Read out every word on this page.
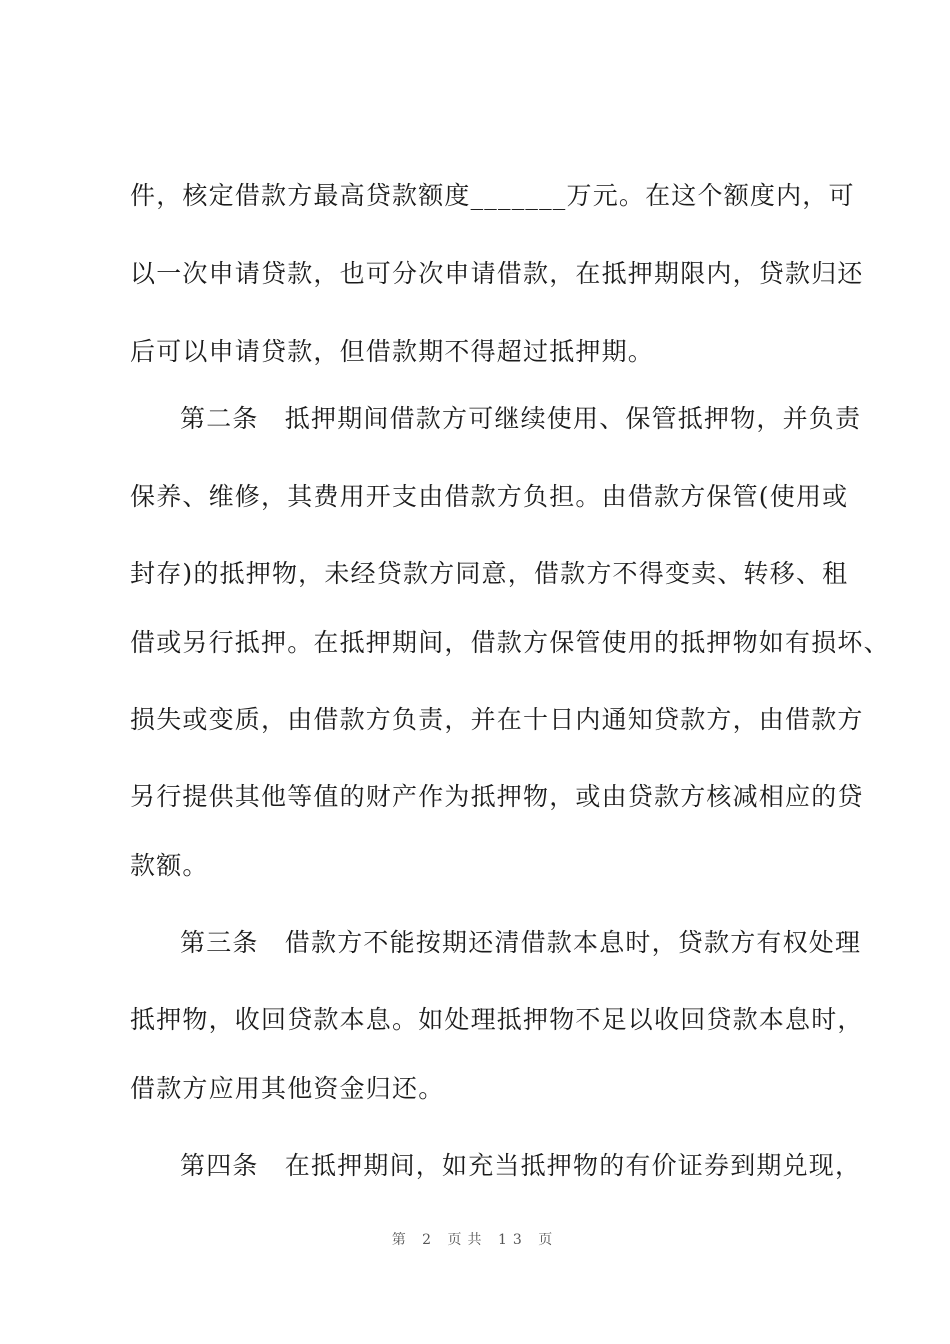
件，核定借款方最高贷款额度_______万元。在这个额度内，可
以一次申请贷款，也可分次申请借款，在抵押期限内，贷款归还
后可以申请贷款，但借款期不得超过抵押期。
第二条　抵押期间借款方可继续使用、保管抵押物，并负责
保养、维修，其费用开支由借款方负担。由借款方保管(使用或
封存)的抵押物，未经贷款方同意，借款方不得变卖、转移、租
借或另行抵押。在抵押期间，借款方保管使用的抵押物如有损坏、
损失或变质，由借款方负责，并在十日内通知贷款方，由借款方
另行提供其他等值的财产作为抵押物，或由贷款方核减相应的贷
款额。
第三条　借款方不能按期还清借款本息时，贷款方有权处理
抵押物，收回贷款本息。如处理抵押物不足以收回贷款本息时，
借款方应用其他资金归还。
第四条　在抵押期间，如充当抵押物的有价证券到期兑现，
第 2 页共 13 页
